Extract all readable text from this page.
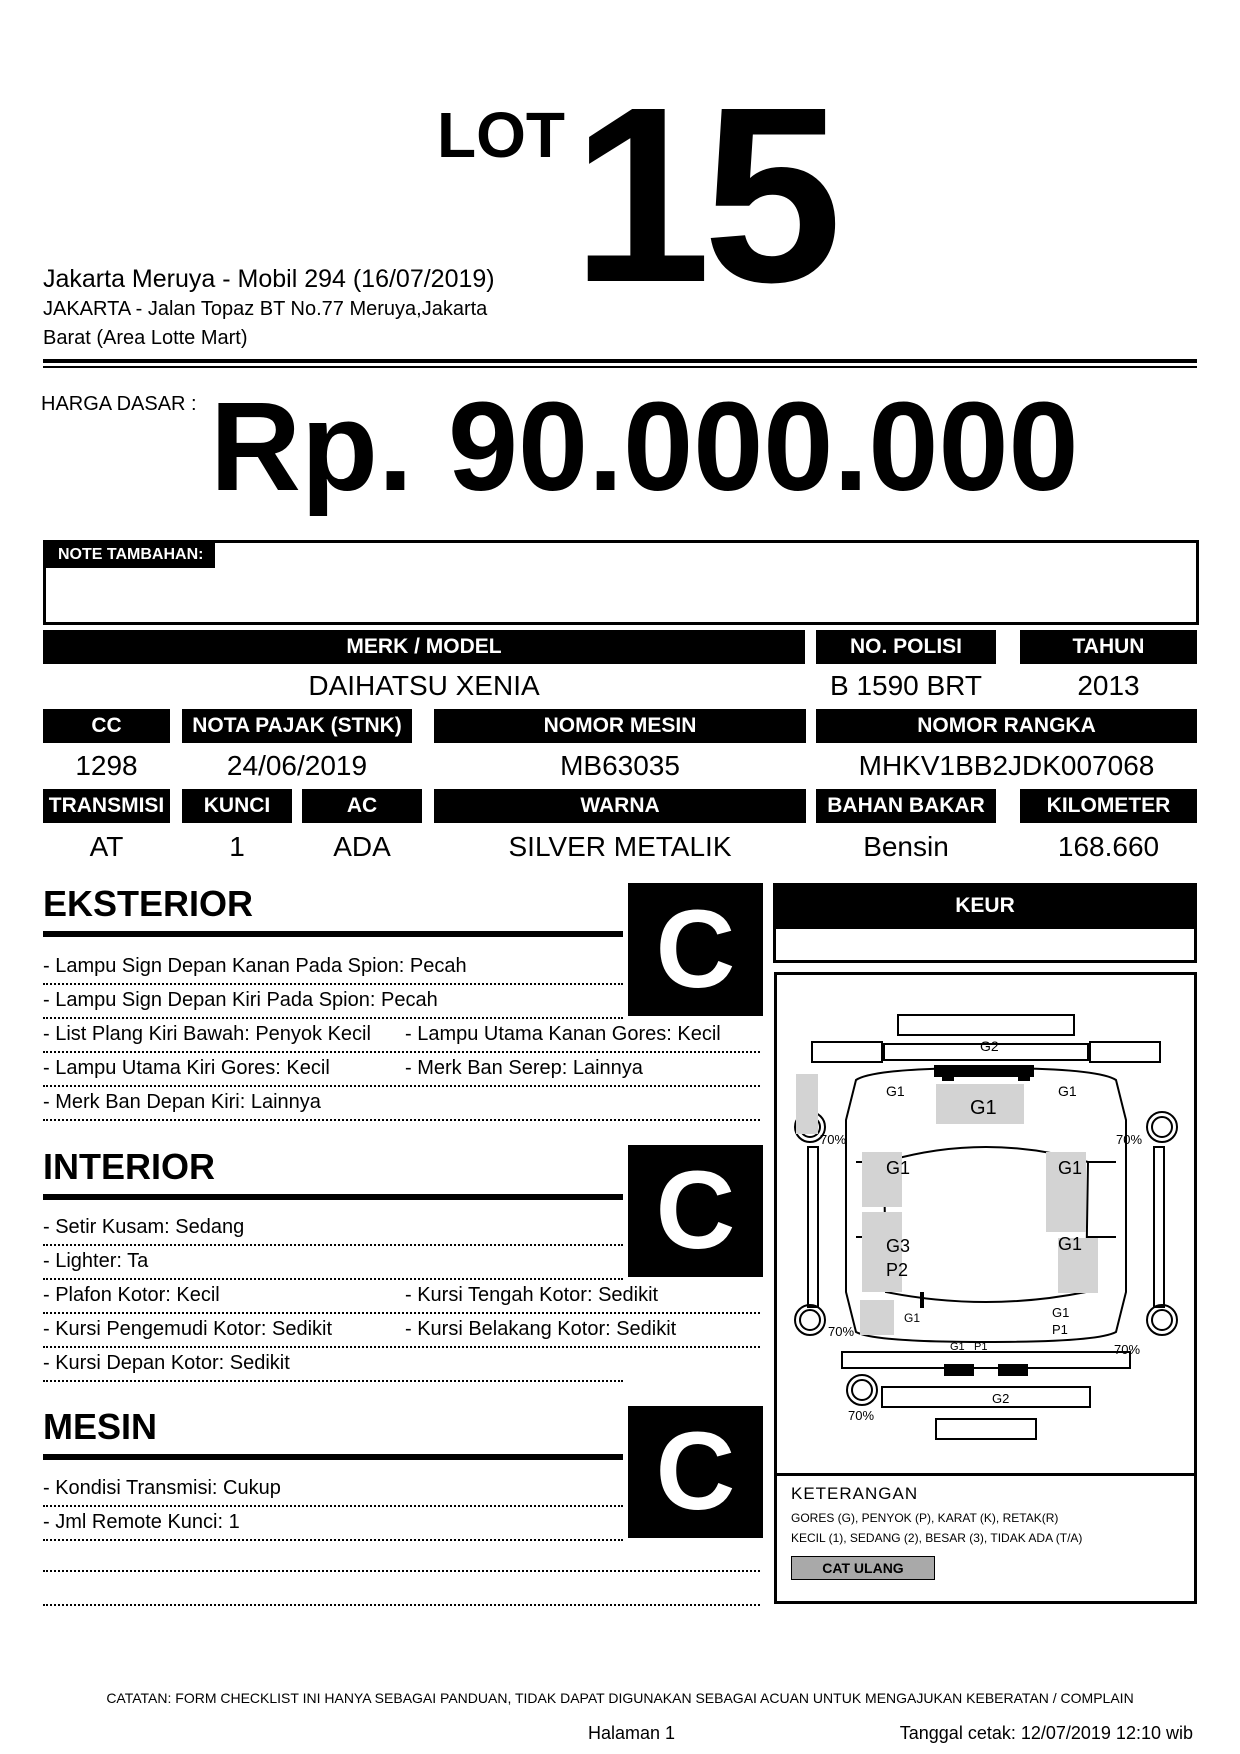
LOT 15
Jakarta Meruya - Mobil 294 (16/07/2019)
JAKARTA - Jalan Topaz BT No.77 Meruya,Jakarta
Barat (Area Lotte Mart)
HARGA DASAR : Rp. 90.000.000
NOTE TAMBAHAN:
MERK / MODEL	NO. POLISI	TAHUN
DAIHATSU XENIA	B 1590 BRT	2013
CC	NOTA PAJAK (STNK)	NOMOR MESIN	NOMOR RANGKA
1298	24/06/2019	MB63035	MHKV1BB2JDK007068
TRANSMISI	KUNCI	AC	WARNA	BAHAN BAKAR	KILOMETER
AT	1	ADA	SILVER METALIK	Bensin	168.660
EKSTERIOR	C
- Lampu Sign Depan Kanan Pada Spion: Pecah
- Lampu Sign Depan Kiri Pada Spion: Pecah
- List Plang Kiri Bawah: Penyok Kecil - Lampu Utama Kanan Gores: Kecil
- Lampu Utama Kiri Gores: Kecil	- Merk Ban Serep: Lainnya
- Merk Ban Depan Kiri: Lainnya
INTERIOR	C
- Setir Kusam: Sedang
- Lighter: Ta
- Plafon Kotor: Kecil	- Kursi Tengah Kotor: Sedikit
- Kursi Pengemudi Kotor: Sedikit	- Kursi Belakang Kotor: Sedikit
- Kursi Depan Kotor: Sedikit
MESIN	C
- Kondisi Transmisi: Cukup
- Jml Remote Kunci: 1
KEUR
G2
G1
G1
G1
G1	G1
G1
G3
P2
G1
G1 P1
G1
P1
G2
70%	70%
70%
70%
70%
KETERANGAN
GORES (G), PENYOK (P), KARAT (K), RETAK(R)
KECIL (1), SEDANG (2), BESAR (3), TIDAK ADA (T/A)
CAT ULANG
CATATAN: FORM CHECKLIST INI HANYA SEBAGAI PANDUAN, TIDAK DAPAT DIGUNAKAN SEBAGAI ACUAN UNTUK MENGAJUKAN KEBERATAN / COMPLAIN
Halaman 1	Tanggal cetak: 12/07/2019 12:10 wib
